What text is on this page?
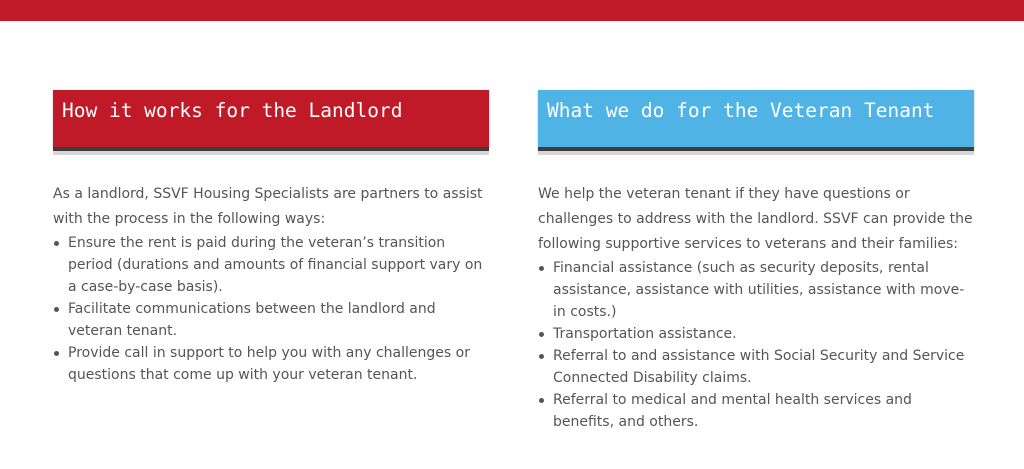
How it works for the Landlord

As a landlord, SSVF Housing Specialists are partners to assist with the process in the following ways:

Ensure the rent is paid during the veteran’s transition period (durations and amounts of financial support vary on a case-by-case basis).
Facilitate communications between the landlord and veteran tenant.
Provide call in support to help you with any challenges or questions that come up with your veteran tenant.
What we do for the Veteran Tenant

We help the veteran tenant if they have questions or challenges to address with the landlord. SSVF can provide the following supportive services to veterans and their families:

Financial assistance (such as security deposits, rental assistance, assistance with utilities, assistance with move-in costs.)
Transportation assistance.
Referral to and assistance with Social Security and Service Connected Disability claims.
Referral to medical and mental health services and benefits, and others.
